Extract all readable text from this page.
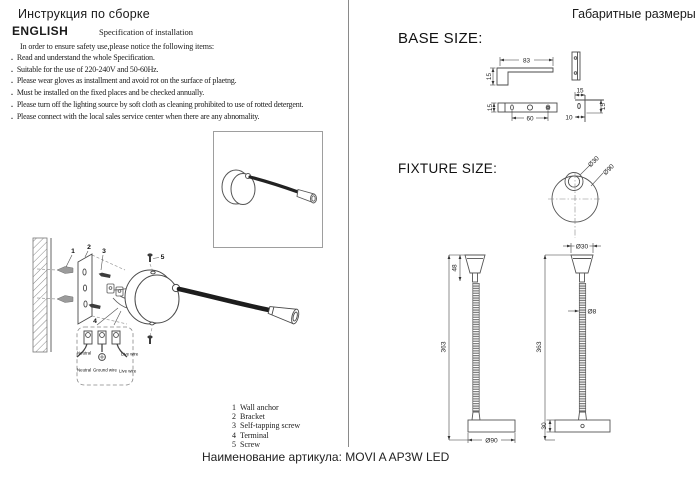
Инструкция по сборке	Габаритные размеры
ENGLISH	Specification of installation
In order to ensure safety use,please notice the following items:
. Read and understand the whole Specification.
. Suitable for the use of 220-240V and 50-60Hz.
. Please wear gloves as installment and avoid rot on the surface of plaetng.
. Must be installed on the fixed places and be checked annually.
. Please turn off the lighting source by soft cloth as cleaning prohibited to use of rotted detergent.
. Please connect with the local sales service center when there are any abnomality.
1
2
3
5
4
Neutral	Live wire
Neutral Ground wire Live wire
1 Wall anchor
2 Bracket
3 Self-tapping screw
4 Terminal
5 Screw
BASE SIZE:
83
15
15
60
15
15
10
FIXTURE SIZE:	Ø30
Ø90
363
48
Ø90
Ø30
363
Ø8
30
Наименование артикула: MOVI A AP3W LED
